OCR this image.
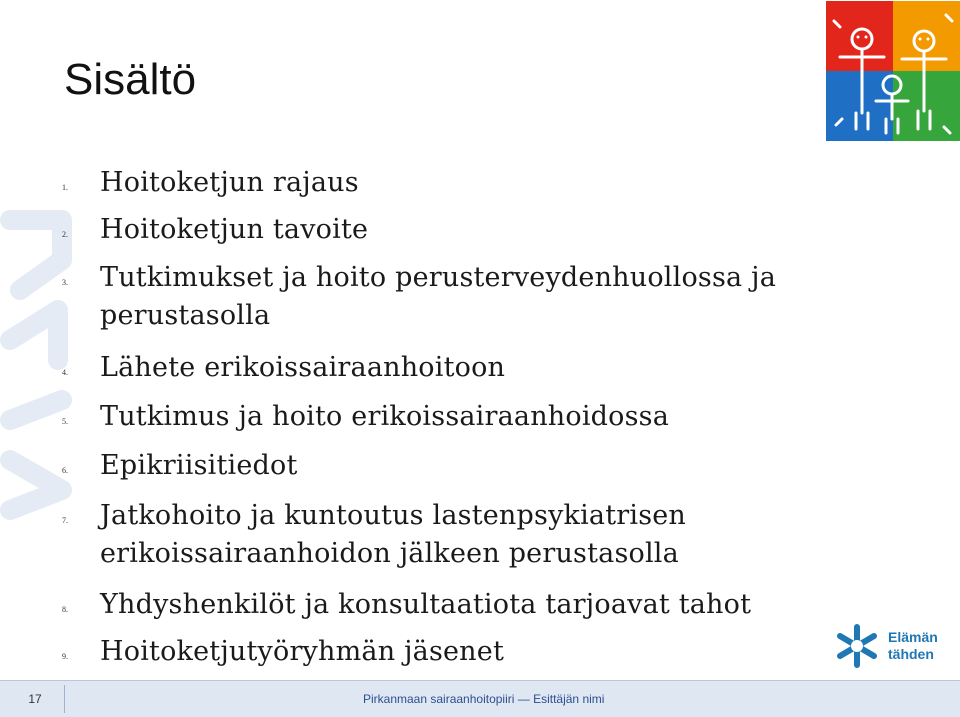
Sisältö
1. Hoitoketjun rajaus
2. Hoitoketjun tavoite
3. Tutkimukset ja hoito perusterveydenhuollossa ja perustasolla
4. Lähete erikoissairaanhoitoon
5. Tutkimus ja hoito erikoissairaanhoidossa
6. Epikriisitiedot
7. Jatkohoito ja kuntoutus lastenpsykiatrisen erikoissairaanhoidon jälkeen perustasolla
8. Yhdyshenkilöt ja konsultaatiota tarjoavat tahot
9. Hoitoketjutyöryhmän jäsenet	Elämän
tähden
17	Pirkanmaan sairaanhoitopiiri — Esittäjän nimi
